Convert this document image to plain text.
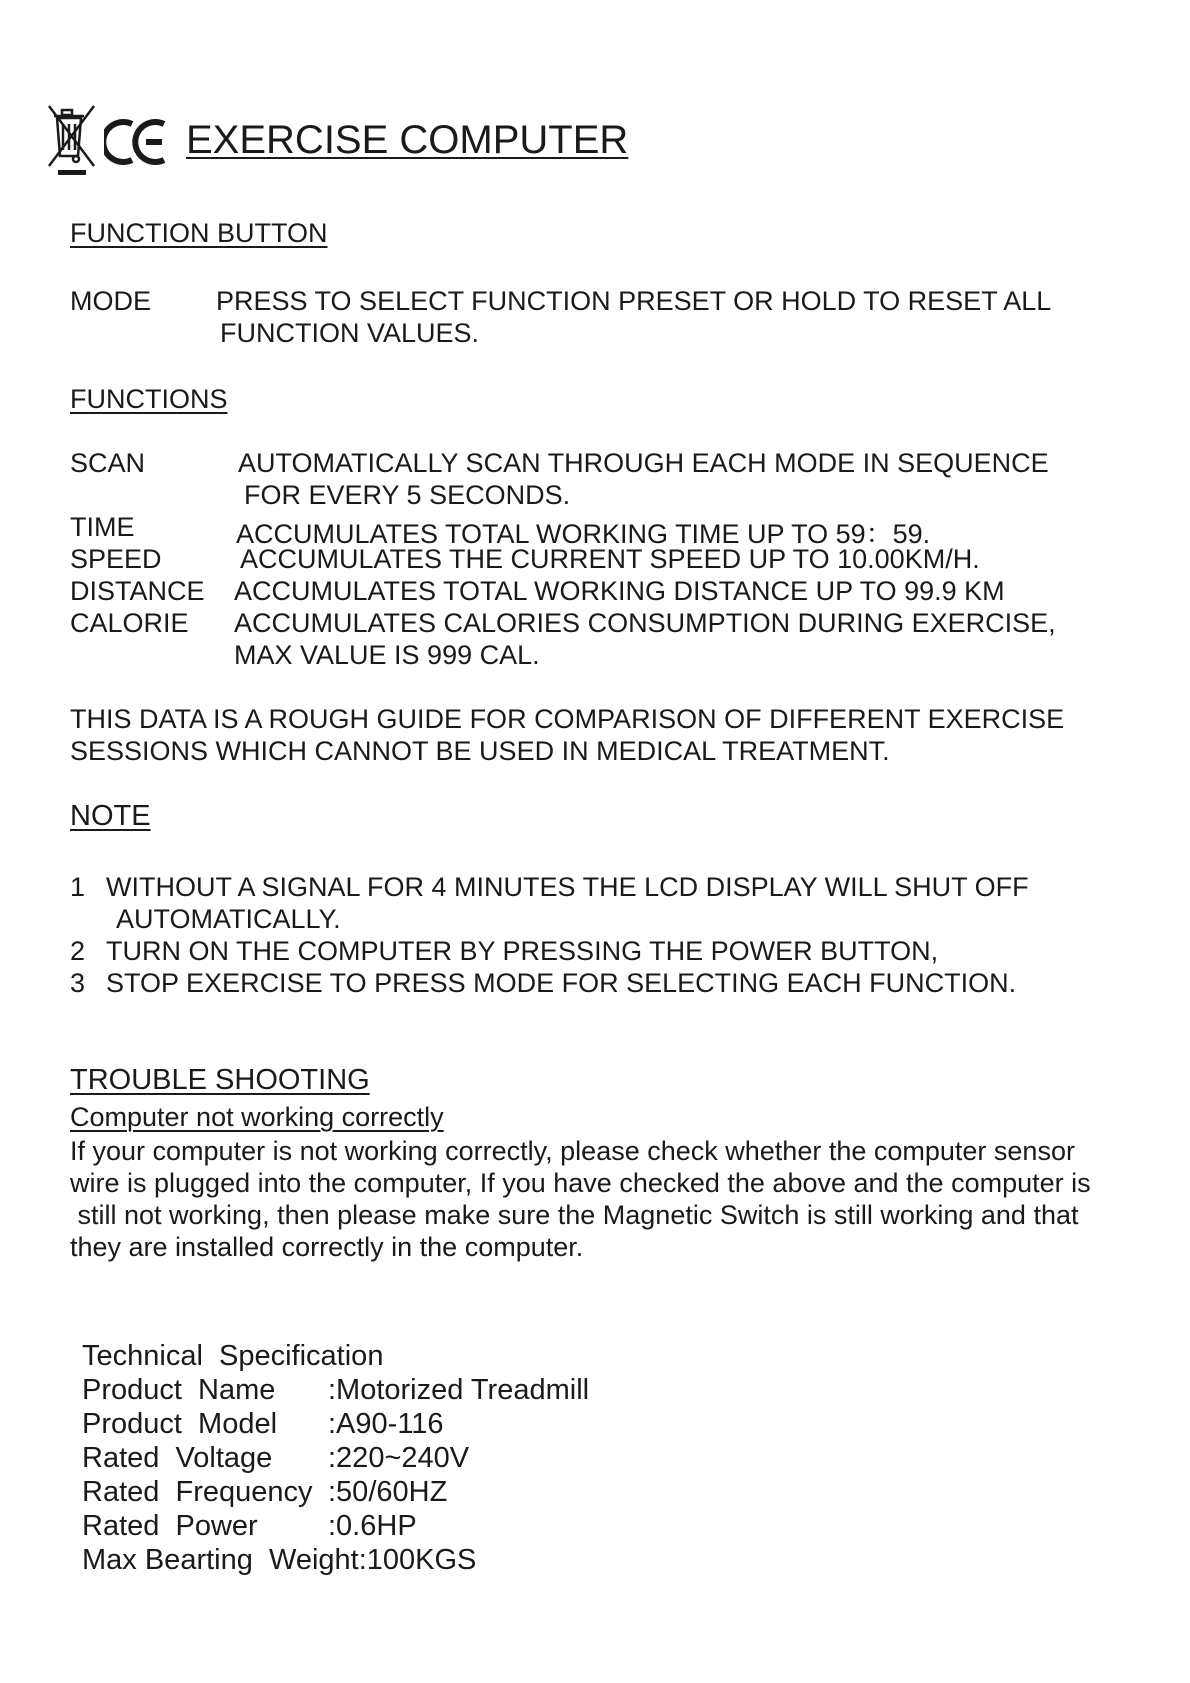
EXERCISE COMPUTER
FUNCTION BUTTON
MODE PRESS TO SELECT FUNCTION PRESET OR HOLD TO RESET ALL
FUNCTION VALUES.
FUNCTIONS
SCAN	AUTOMATICALLY SCAN THROUGH EACH MODE IN SEQUENCE
FOR EVERY 5 SECONDS.
TIME	ACCUMULATES TOTAL WORKING TIME UP TO 59：59.
SPEED	ACCUMULATES THE CURRENT SPEED UP TO 10.00KM/H.
DISTANCE ACCUMULATES TOTAL WORKING DISTANCE UP TO 99.9 KM
CALORIE ACCUMULATES CALORIES CONSUMPTION DURING EXERCISE,
MAX VALUE IS 999 CAL.
THIS DATA IS A ROUGH GUIDE FOR COMPARISON OF DIFFERENT EXERCISE
SESSIONS WHICH CANNOT BE USED IN MEDICAL TREATMENT.
NOTE
1 WITHOUT A SIGNAL FOR 4 MINUTES THE LCD DISPLAY WILL SHUT OFF
AUTOMATICALLY.
2 TURN ON THE COMPUTER BY PRESSING THE POWER BUTTON,
3 STOP EXERCISE TO PRESS MODE FOR SELECTING EACH FUNCTION.
TROUBLE SHOOTING
Computer not working correctly
If your computer is not working correctly, please check whether the computer sensor
wire is plugged into the computer, If you have checked the above and the computer is
still not working, then please make sure the Magnetic Switch is still working and that
they are installed correctly in the computer.
Technical  Specification
Product  Name :Motorized Treadmill
Product  Model :A90-116
Rated  Voltage :220~240V
Rated  Frequency :50/60HZ
Rated  Power :0.6HP
Max Bearting  Weight:100KGS
